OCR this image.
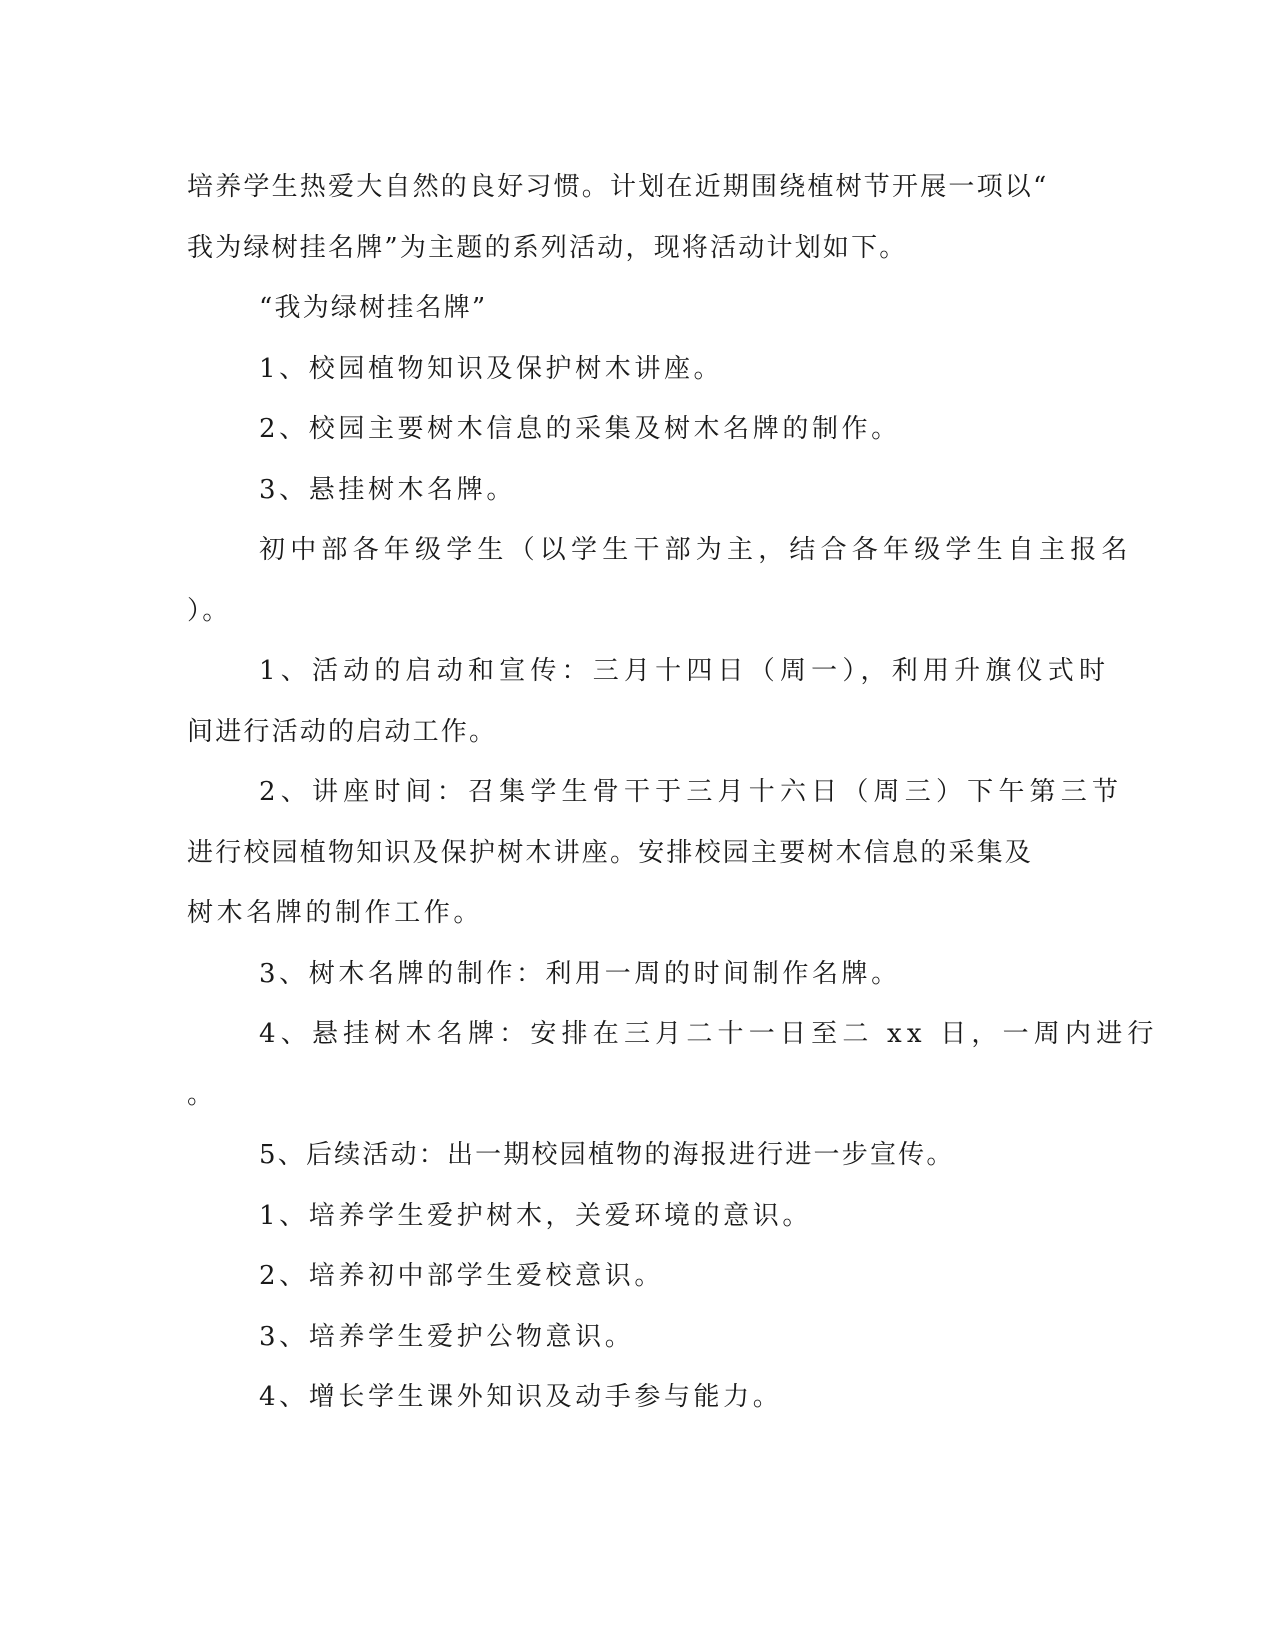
培养学生热爱大自然的良好习惯。计划在近期围绕植树节开展一项以“
我为绿树挂名牌”为主题的系列活动，现将活动计划如下。
“我为绿树挂名牌”
1、校园植物知识及保护树木讲座。
2、校园主要树木信息的采集及树木名牌的制作。
3、悬挂树木名牌。
初中部各年级学生（以学生干部为主，结合各年级学生自主报名
）。
1、活动的启动和宣传：三月十四日（周一），利用升旗仪式时
间进行活动的启动工作。
2、讲座时间：召集学生骨干于三月十六日（周三）下午第三节
进行校园植物知识及保护树木讲座。安排校园主要树木信息的采集及
树木名牌的制作工作。
3、树木名牌的制作：利用一周的时间制作名牌。
4、悬挂树木名牌：安排在三月二十一日至二 xx 日，一周内进行
。
5、后续活动：出一期校园植物的海报进行进一步宣传。
1、培养学生爱护树木，关爱环境的意识。
2、培养初中部学生爱校意识。
3、培养学生爱护公物意识。
4、增长学生课外知识及动手参与能力。
